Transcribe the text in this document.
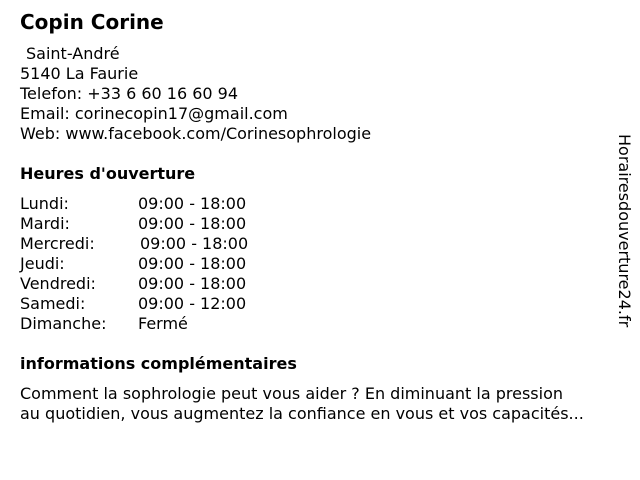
Copin Corine
Saint-André
5140 La Faurie
Telefon: +33 6 60 16 60 94
Email: corinecopin17@gmail.com
Web: www.facebook.com/Corinesophrologie
Heures d'ouverture
Lundi:	09:00 - 18:00
Mardi:	09:00 - 18:00
Mercredi:	09:00 - 18:00
Jeudi:	09:00 - 18:00
Vendredi:	09:00 - 18:00
Samedi:	09:00 - 12:00
Dimanche: Fermé
informations complémentaires
Comment la sophrologie peut vous aider ? En diminuant la pression
au quotidien, vous augmentez la confiance en vous et vos capacités...
Horairesdouverture24.fr
